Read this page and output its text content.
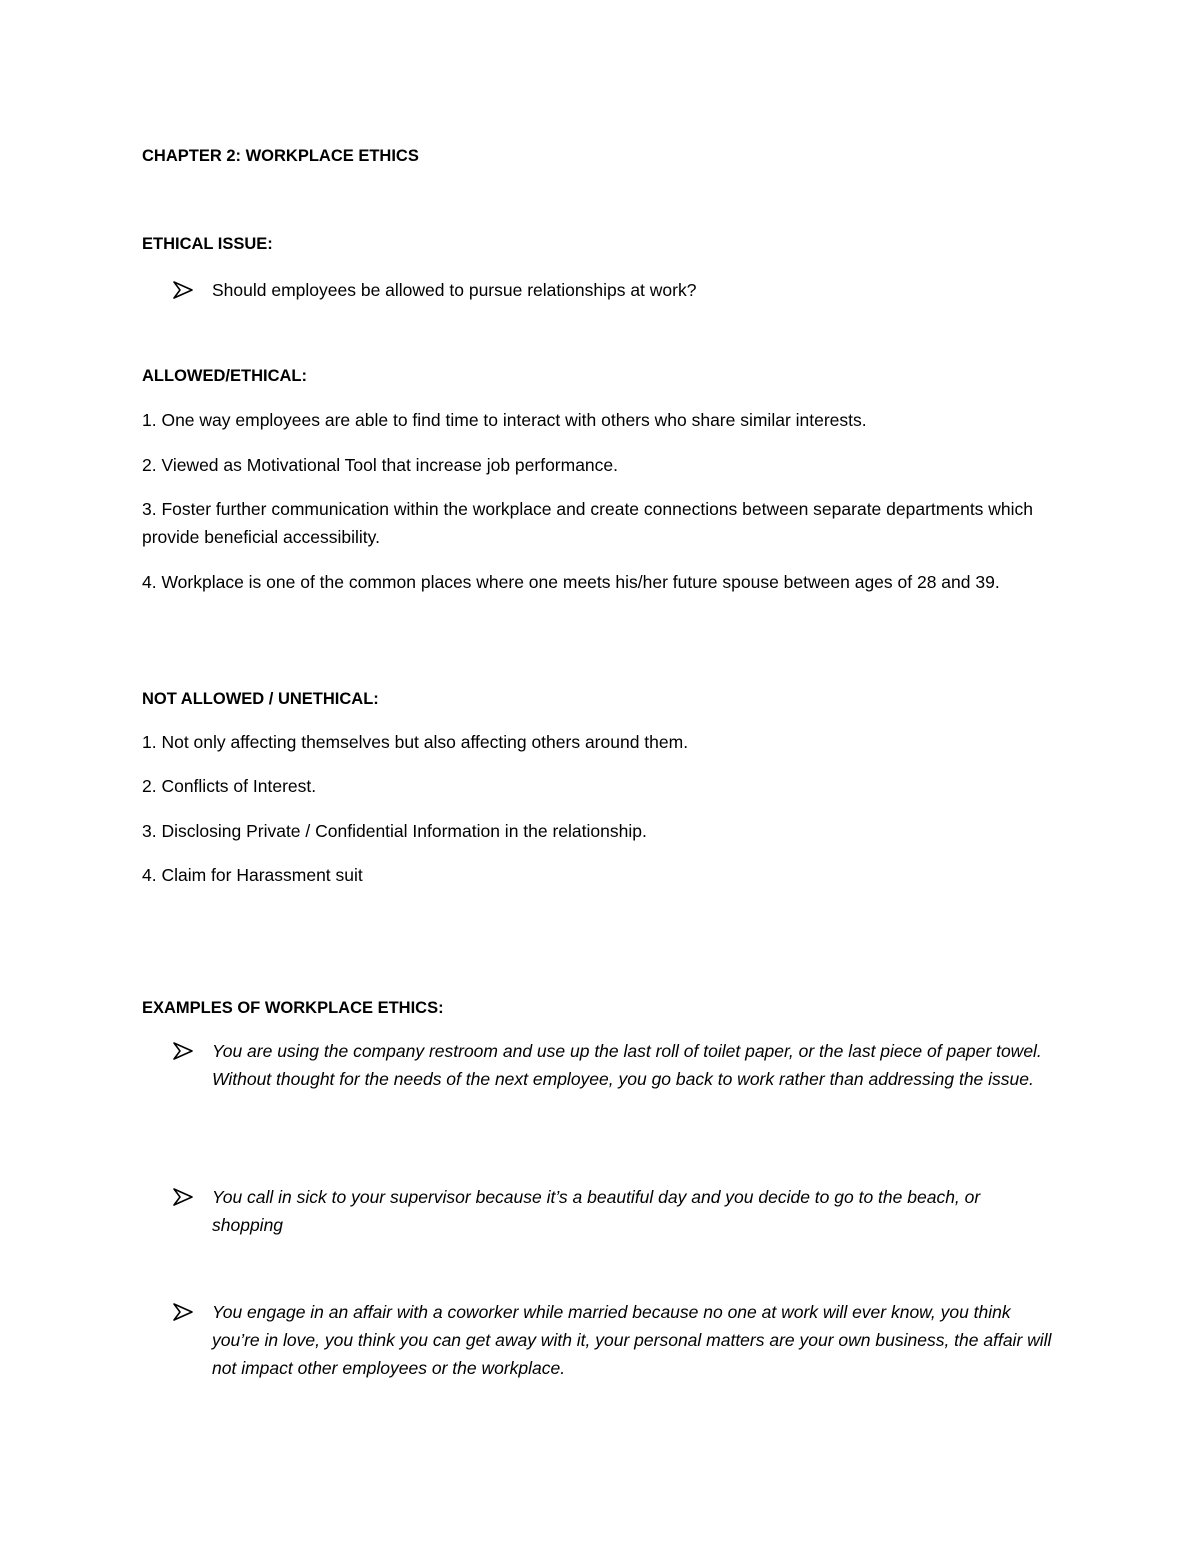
CHAPTER 2: WORKPLACE ETHICS
ETHICAL ISSUE:
Should employees be allowed to pursue relationships at work?
ALLOWED/ETHICAL:
1. One way employees are able to find time to interact with others who share similar interests.
2. Viewed as Motivational Tool that increase job performance.
3. Foster further communication within the workplace and create connections between separate departments which provide beneficial accessibility.
4. Workplace is one of the common places where one meets his/her future spouse between ages of 28 and 39.
NOT ALLOWED / UNETHICAL:
1. Not only affecting themselves but also affecting others around them.
2. Conflicts of Interest.
3. Disclosing Private / Confidential Information in the relationship.
4. Claim for Harassment suit
EXAMPLES OF WORKPLACE ETHICS:
You are using the company restroom and use up the last roll of toilet paper, or the last piece of paper towel. Without thought for the needs of the next employee, you go back to work rather than addressing the issue.
You call in sick to your supervisor because it’s a beautiful day and you decide to go to the beach, or shopping
You engage in an affair with a coworker while married because no one at work will ever know, you think you’re in love, you think you can get away with it, your personal matters are your own business, the affair will not impact other employees or the workplace.
